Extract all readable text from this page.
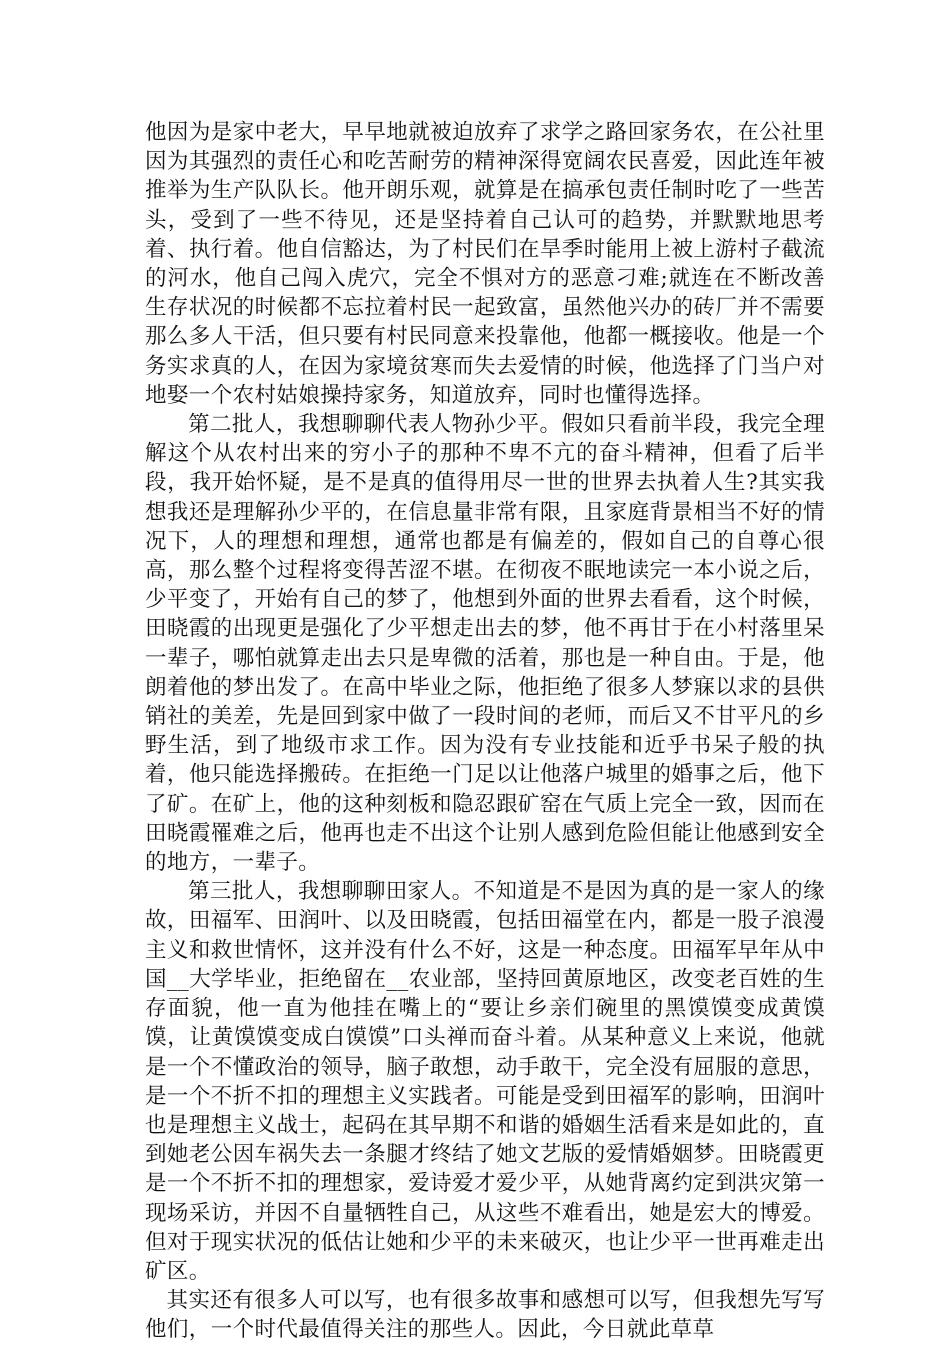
他因为是家中老大，早早地就被迫放弃了求学之路回家务农，在公社里因为其强烈的责任心和吃苦耐劳的精神深得宽阔农民喜爱，因此连年被推举为生产队队长。他开朗乐观，就算是在搞承包责任制时吃了一些苦头，受到了一些不待见，还是坚持着自己认可的趋势，并默默地思考着、执行着。他自信豁达，为了村民们在旱季时能用上被上游村子截流的河水，他自己闯入虎穴，完全不惧对方的恶意刁难;就连在不断改善生存状况的时候都不忘拉着村民一起致富，虽然他兴办的砖厂并不需要那么多人干活，但只要有村民同意来投靠他，他都一概接收。他是一个务实求真的人，在因为家境贫寒而失去爱情的时候，他选择了门当户对地娶一个农村姑娘操持家务，知道放弃，同时也懂得选择。

第二批人，我想聊聊代表人物孙少平。假如只看前半段，我完全理解这个从农村出来的穷小子的那种不卑不亢的奋斗精神，但看了后半段，我开始怀疑，是不是真的值得用尽一世的世界去执着人生?其实我想我还是理解孙少平的，在信息量非常有限，且家庭背景相当不好的情况下，人的理想和理想，通常也都是有偏差的，假如自己的自尊心很高，那么整个过程将变得苦涩不堪。在彻夜不眠地读完一本小说之后，少平变了，开始有自己的梦了，他想到外面的世界去看看，这个时候，田晓霞的出现更是强化了少平想走出去的梦，他不再甘于在小村落里呆一辈子，哪怕就算走出去只是卑微的活着，那也是一种自由。于是，他朗着他的梦出发了。在高中毕业之际，他拒绝了很多人梦寐以求的县供销社的美差，先是回到家中做了一段时间的老师，而后又不甘平凡的乡野生活，到了地级市求工作。因为没有专业技能和近乎书呆子般的执着，他只能选择搬砖。在拒绝一门足以让他落户城里的婚事之后，他下了矿。在矿上，他的这种刻板和隐忍跟矿窑在气质上完全一致，因而在田晓霞罹难之后，他再也走不出这个让别人感到危险但能让他感到安全的地方，一辈子。

第三批人，我想聊聊田家人。不知道是不是因为真的是一家人的缘故，田福军、田润叶、以及田晓霞，包括田福堂在内，都是一股子浪漫主义和救世情怀，这并没有什么不好，这是一种态度。田福军早年从中国__大学毕业，拒绝留在__农业部，坚持回黄原地区，改变老百姓的生存面貌，他一直为他挂在嘴上的“要让乡亲们碗里的黑馍馍变成黄馍馍，让黄馍馍变成白馍馍”口头禅而奋斗着。从某种意义上来说，他就是一个不懂政治的领导，脑子敢想，动手敢干，完全没有屈服的意思，是一个不折不扣的理想主义实践者。可能是受到田福军的影响，田润叶也是理想主义战士，起码在其早期不和谐的婚姻生活看来是如此的，直到她老公因车祸失去一条腿才终结了她文艺版的爱情婚姻梦。田晓霞更是一个不折不扣的理想家，爱诗爱才爱少平，从她背离约定到洪灾第一现场采访，并因不自量牺牲自己，从这些不难看出，她是宏大的博爱。但对于现实状况的低估让她和少平的未来破灭，也让少平一世再难走出矿区。

其实还有很多人可以写，也有很多故事和感想可以写，但我想先写写他们，一个时代最值得关注的那些人。因此，今日就此草草
